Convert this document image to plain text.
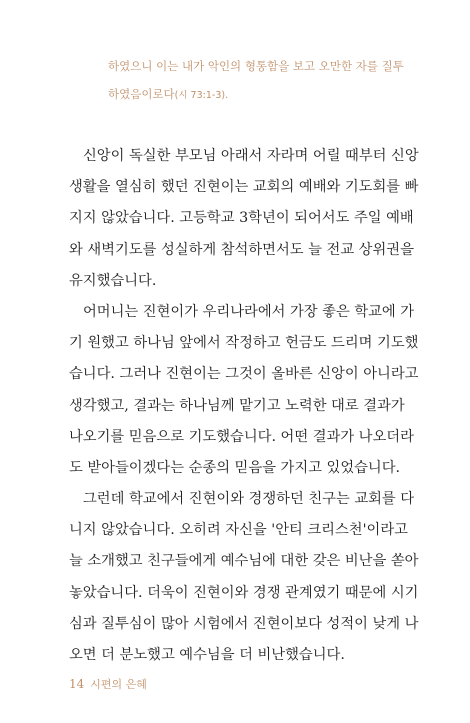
하였으니 이는 내가 악인의 형통함을 보고 오만한 자를 질투
하였음이로다(시 73:1-3).
신앙이 독실한 부모님 아래서 자라며 어릴 때부터 신앙
생활을 열심히 했던 진현이는 교회의 예배와 기도회를 빠
지지 않았습니다. 고등학교 3학년이 되어서도 주일 예배
와 새벽기도를 성실하게 참석하면서도 늘 전교 상위권을
유지했습니다.
어머니는 진현이가 우리나라에서 가장 좋은 학교에 가
기 원했고 하나님 앞에서 작정하고 헌금도 드리며 기도했
습니다. 그러나 진현이는 그것이 올바른 신앙이 아니라고
생각했고, 결과는 하나님께 맡기고 노력한 대로 결과가
나오기를 믿음으로 기도했습니다. 어떤 결과가 나오더라
도 받아들이겠다는 순종의 믿음을 가지고 있었습니다.
그런데 학교에서 진현이와 경쟁하던 친구는 교회를 다
니지 않았습니다. 오히려 자신을 '안티 크리스천'이라고
늘 소개했고 친구들에게 예수님에 대한 갖은 비난을 쏟아
놓았습니다. 더욱이 진현이와 경쟁 관계였기 때문에 시기
심과 질투심이 많아 시험에서 진현이보다 성적이 낮게 나
오면 더 분노했고 예수님을 더 비난했습니다.
14 시편의 은혜
